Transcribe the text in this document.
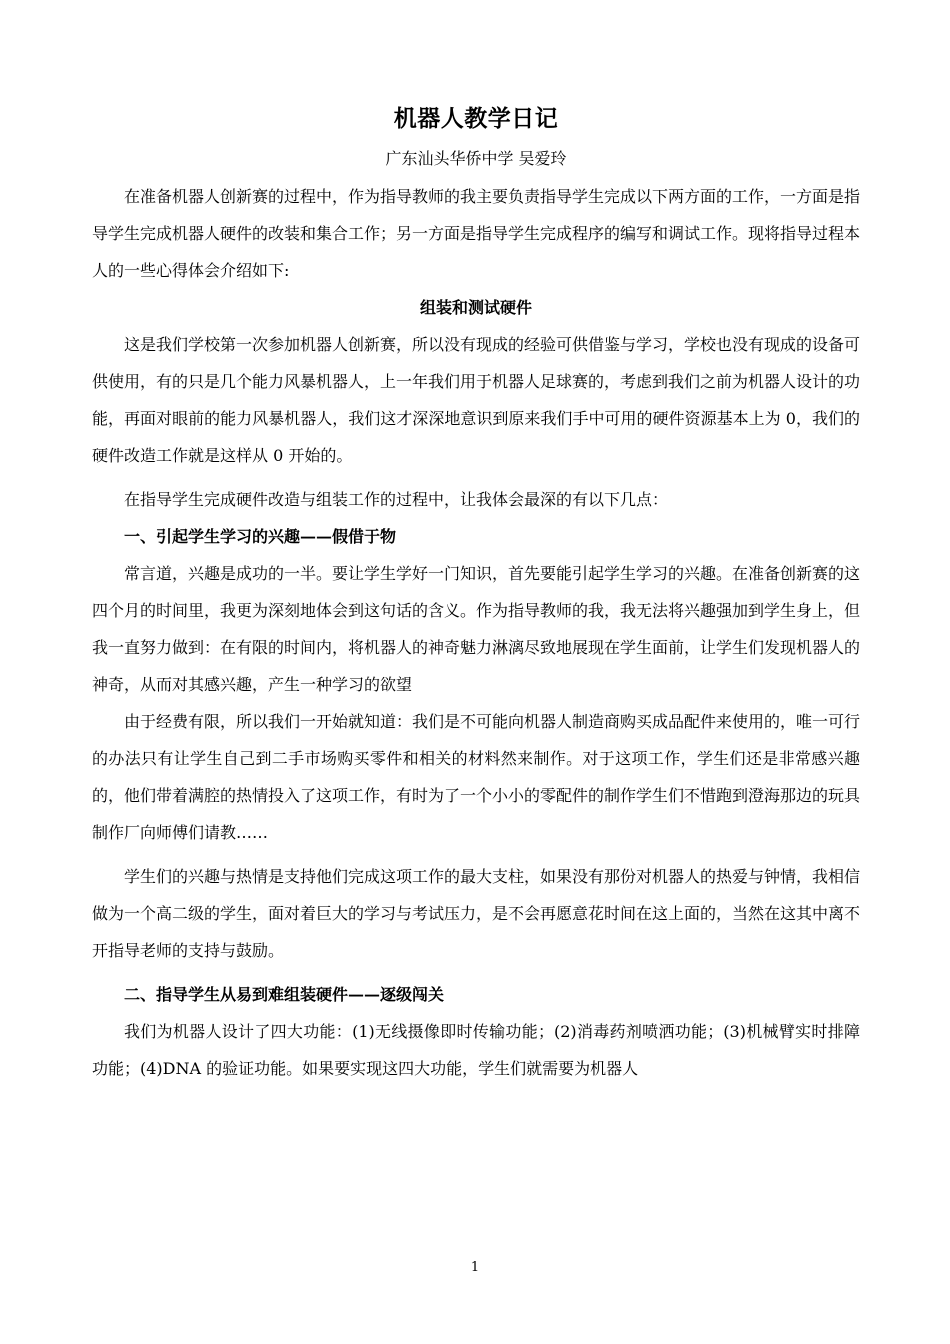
机器人教学日记
广东汕头华侨中学 吴爱玲

在准备机器人创新赛的过程中，作为指导教师的我主要负责指导学生完成以下两方面的工作，一方面是指导学生完成机器人硬件的改装和集合工作；另一方面是指导学生完成程序的编写和调试工作。现将指导过程本人的一些心得体会介绍如下:

组装和测试硬件

这是我们学校第一次参加机器人创新赛，所以没有现成的经验可供借鉴与学习，学校也没有现成的设备可供使用，有的只是几个能力风暴机器人，上一年我们用于机器人足球赛的，考虑到我们之前为机器人设计的功能，再面对眼前的能力风暴机器人，我们这才深深地意识到原来我们手中可用的硬件资源基本上为 0，我们的硬件改造工作就是这样从 0 开始的。

在指导学生完成硬件改造与组装工作的过程中，让我体会最深的有以下几点：

一、引起学生学习的兴趣——假借于物

常言道，兴趣是成功的一半。要让学生学好一门知识，首先要能引起学生学习的兴趣。在准备创新赛的这四个月的时间里，我更为深刻地体会到这句话的含义。作为指导教师的我，我无法将兴趣强加到学生身上，但我一直努力做到：在有限的时间内，将机器人的神奇魅力淋漓尽致地展现在学生面前，让学生们发现机器人的神奇，从而对其感兴趣，产生一种学习的欲望

由于经费有限，所以我们一开始就知道：我们是不可能向机器人制造商购买成品配件来使用的，唯一可行的办法只有让学生自己到二手市场购买零件和相关的材料然来制作。对于这项工作，学生们还是非常感兴趣的，他们带着满腔的热情投入了这项工作，有时为了一个小小的零配件的制作学生们不惜跑到澄海那边的玩具制作厂向师傅们请教……

学生们的兴趣与热情是支持他们完成这项工作的最大支柱，如果没有那份对机器人的热爱与钟情，我相信做为一个高二级的学生，面对着巨大的学习与考试压力，是不会再愿意花时间在这上面的，当然在这其中离不开指导老师的支持与鼓励。

二、指导学生从易到难组装硬件——逐级闯关

我们为机器人设计了四大功能：(1)无线摄像即时传输功能；(2)消毒药剂喷洒功能；(3)机械臂实时排障功能；(4)DNA 的验证功能。如果要实现这四大功能，学生们就需要为机器人

1
